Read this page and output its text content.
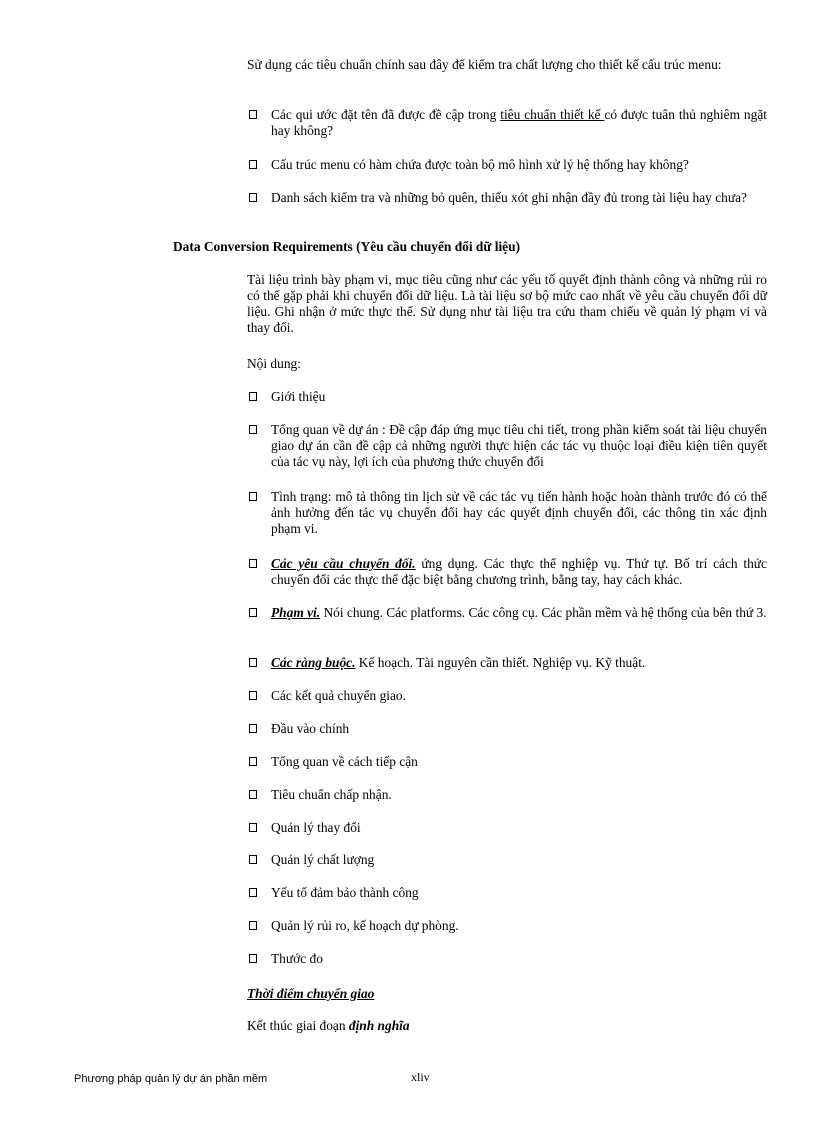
Sử dụng các tiêu chuẩn chính sau đây để kiểm tra chất lượng cho thiết kế cấu trúc menu:
Các qui ước đặt tên đã được đề cập trong tiêu chuẩn thiết kế có được tuân thủ nghiêm ngặt hay không?
Cấu trúc menu có hàm chứa được toàn bộ mô hình xử lý hệ thống hay không?
Danh sách kiểm tra và những bỏ quên, thiếu xót ghi nhận đầy đủ trong tài liệu hay chưa?
Data Conversion Requirements (Yêu cầu chuyển đổi dữ liệu)
Tài liệu trình bày phạm vi, mục tiêu cũng như các yếu tố quyết định thành công và những rủi ro có thể gặp phải khi chuyển đổi dữ liệu. Là tài liệu sơ bộ mức cao nhất về yêu cầu chuyển đổi dữ liệu. Ghi nhận ở mức thực thể. Sử dụng như tài liệu tra cứu tham chiếu về quản lý phạm vi và thay đổi.
Nội dung:
Giới thiệu
Tổng quan về dự án : Đề cập đáp ứng mục tiêu chi tiết, trong phần kiểm soát tài liệu chuyển giao dự án cần đề cập cả những người thực hiện các tác vụ thuộc loại điều kiện tiên quyết của tác vụ này, lợi ích của phương thức chuyển đổi
Tình trạng: mô tả thông tin lịch sử về các tác vụ tiến hành hoặc hoàn thành trước đó có thể ảnh hưởng đến tác vụ chuyển đổi hay các quyết định chuyển đổi, các thông tin xác định phạm vi.
Các yêu cầu chuyển đổi. ứng dụng. Các thực thể nghiệp vụ. Thứ tự. Bố trí cách thức chuyển đổi các thực thể đặc biệt bằng chương trình, bằng tay, hay cách khác.
Phạm vi. Nói chung. Các platforms. Các công cụ. Các phần mềm và hệ thống của bên thứ 3.
Các ràng buộc. Kế hoạch. Tài nguyên cần thiết. Nghiệp vụ. Kỹ thuật.
Các kết quả chuyển giao.
Đầu vào chính
Tổng quan về cách tiếp cận
Tiêu chuẩn chấp nhận.
Quản lý thay đổi
Quản lý chất lượng
Yếu tố đảm bảo thành công
Quản lý rủi ro, kế hoạch dự phòng.
Thước đo
Thời điểm chuyển giao
Kết thúc giai đoạn định nghĩa
Phương pháp quản lý dự án phần mềm	xliv
